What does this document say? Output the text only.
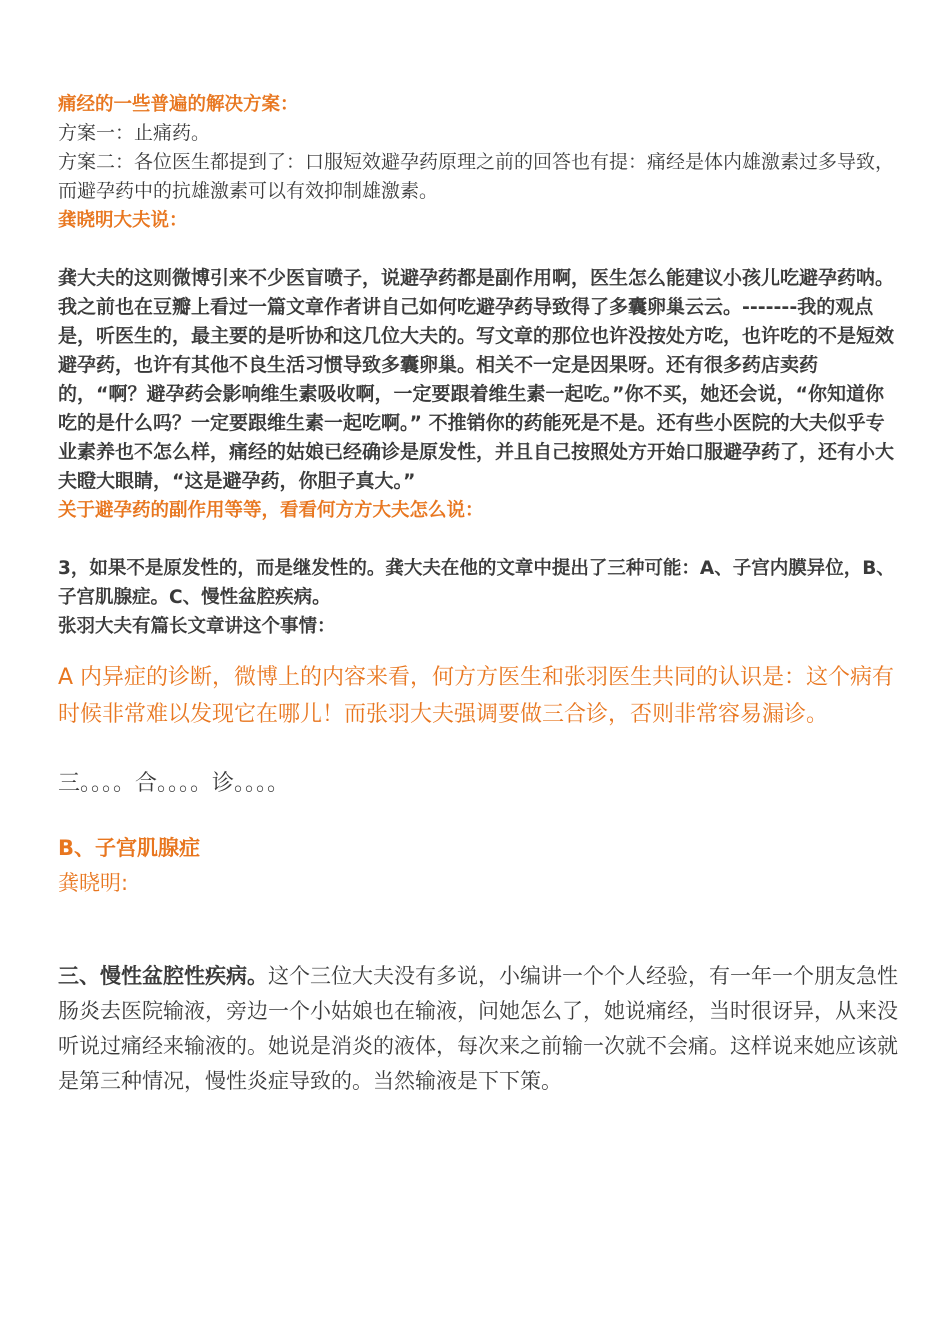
痛经的一些普遍的解决方案：
方案一：止痛药。
方案二：各位医生都提到了：口服短效避孕药原理之前的回答也有提：痛经是体内雄激素过多导致，而避孕药中的抗雄激素可以有效抑制雄激素。
龚晓明大夫说：
龚大夫的这则微博引来不少医盲喷子，说避孕药都是副作用啊，医生怎么能建议小孩儿吃避孕药呐。我之前也在豆瓣上看过一篇文章作者讲自己如何吃避孕药导致得了多囊卵巢云云。-------我的观点是，听医生的，最主要的是听协和这几位大夫的。写文章的那位也许没按处方吃，也许吃的不是短效避孕药，也许有其他不良生活习惯导致多囊卵巢。相关不一定是因果呀。还有很多药店卖药的，“啊？避孕药会影响维生素吸收啊，一定要跟着维生素一起吃。”你不买，她还会说，“你知道你吃的是什么吗？一定要跟维生素一起吃啊。” 不推销你的药能死是不是。还有些小医院的大夫似乎专业素养也不怎么样，痛经的姑娘已经确诊是原发性，并且自己按照处方开始口服避孕药了，还有小大夫瞪大眼睛，“这是避孕药，你胆子真大。”
关于避孕药的副作用等等，看看何方方大夫怎么说：
3，如果不是原发性的，而是继发性的。龚大夫在他的文章中提出了三种可能：A、子宫内膜异位，B、子宫肌腺症。C、慢性盆腔疾病。
张羽大夫有篇长文章讲这个事情：
A 内异症的诊断，微博上的内容来看，何方方医生和张羽医生共同的认识是：这个病有时候非常难以发现它在哪儿！而张羽大夫强调要做三合诊，否则非常容易漏诊。
三。。。。合。。。。诊。。。。
B、子宫肌腺症
龚晓明:
三、慢性盆腔性疾病。这个三位大夫没有多说，小编讲一个个人经验，有一年一个朋友急性肠炎去医院输液，旁边一个小姑娘也在输液，问她怎么了，她说痛经，当时很讶异，从来没听说过痛经来输液的。她说是消炎的液体，每次来之前输一次就不会痛。这样说来她应该就是第三种情况，慢性炎症导致的。当然输液是下下策。
